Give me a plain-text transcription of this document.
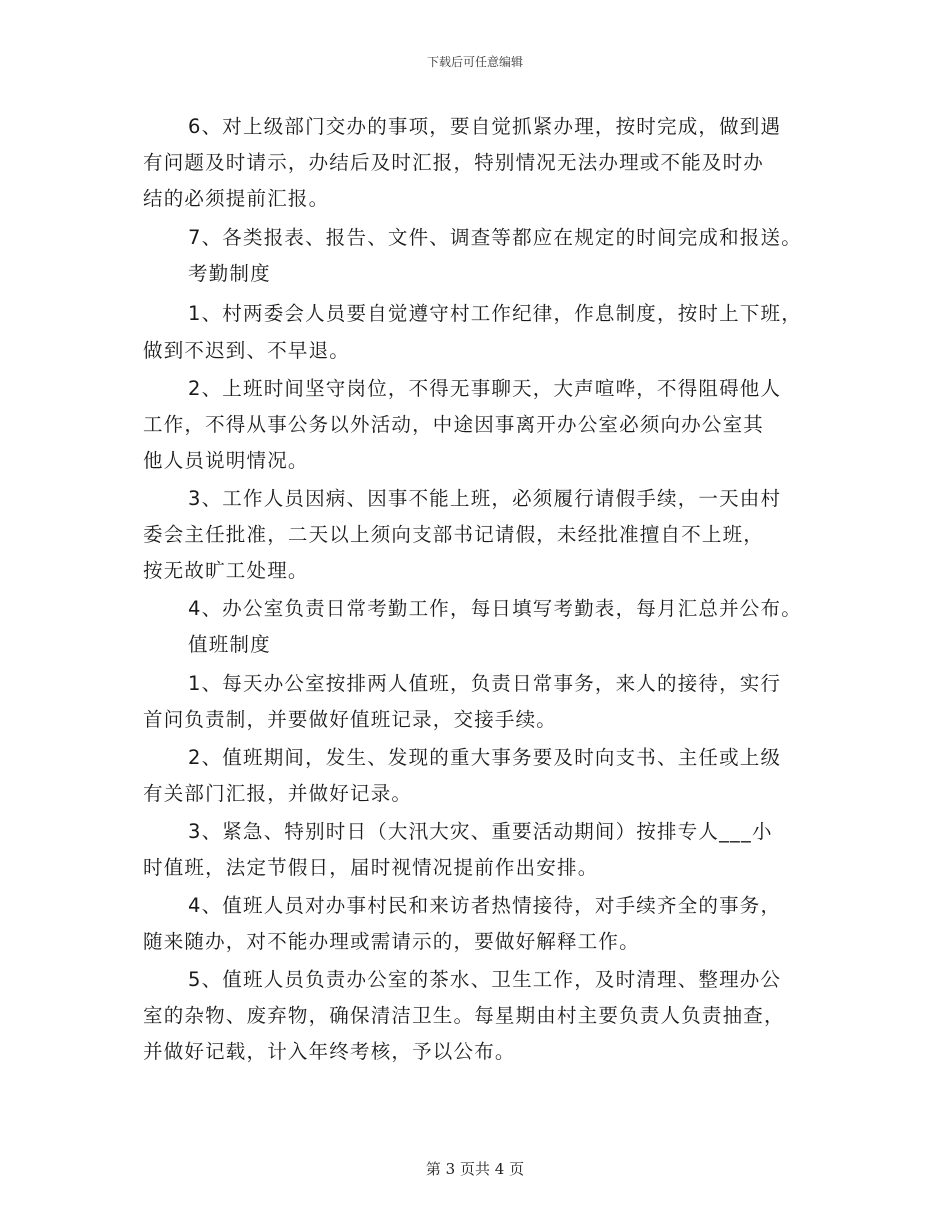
下载后可任意编辑
6、对上级部门交办的事项，要自觉抓紧办理，按时完成，做到遇
有问题及时请示，办结后及时汇报，特别情况无法办理或不能及时办
结的必须提前汇报。
7、各类报表、报告、文件、调查等都应在规定的时间完成和报送。
考勤制度
1、村两委会人员要自觉遵守村工作纪律，作息制度，按时上下班，
做到不迟到、不早退。
2、上班时间坚守岗位，不得无事聊天，大声喧哗，不得阻碍他人
工作，不得从事公务以外活动，中途因事离开办公室必须向办公室其
他人员说明情况。
3、工作人员因病、因事不能上班，必须履行请假手续，一天由村
委会主任批准，二天以上须向支部书记请假，未经批准擅自不上班，
按无故旷工处理。
4、办公室负责日常考勤工作，每日填写考勤表，每月汇总并公布。
值班制度
1、每天办公室按排两人值班，负责日常事务，来人的接待，实行
首问负责制，并要做好值班记录，交接手续。
2、值班期间，发生、发现的重大事务要及时向支书、主任或上级
有关部门汇报，并做好记录。
3、紧急、特别时日（大汛大灾、重要活动期间）按排专人___小
时值班，法定节假日，届时视情况提前作出安排。
4、值班人员对办事村民和来访者热情接待，对手续齐全的事务，
随来随办，对不能办理或需请示的，要做好解释工作。
5、值班人员负责办公室的茶水、卫生工作，及时清理、整理办公
室的杂物、废弃物，确保清洁卫生。每星期由村主要负责人负责抽查，
并做好记载，计入年终考核，予以公布。
第 3 页共 4 页
